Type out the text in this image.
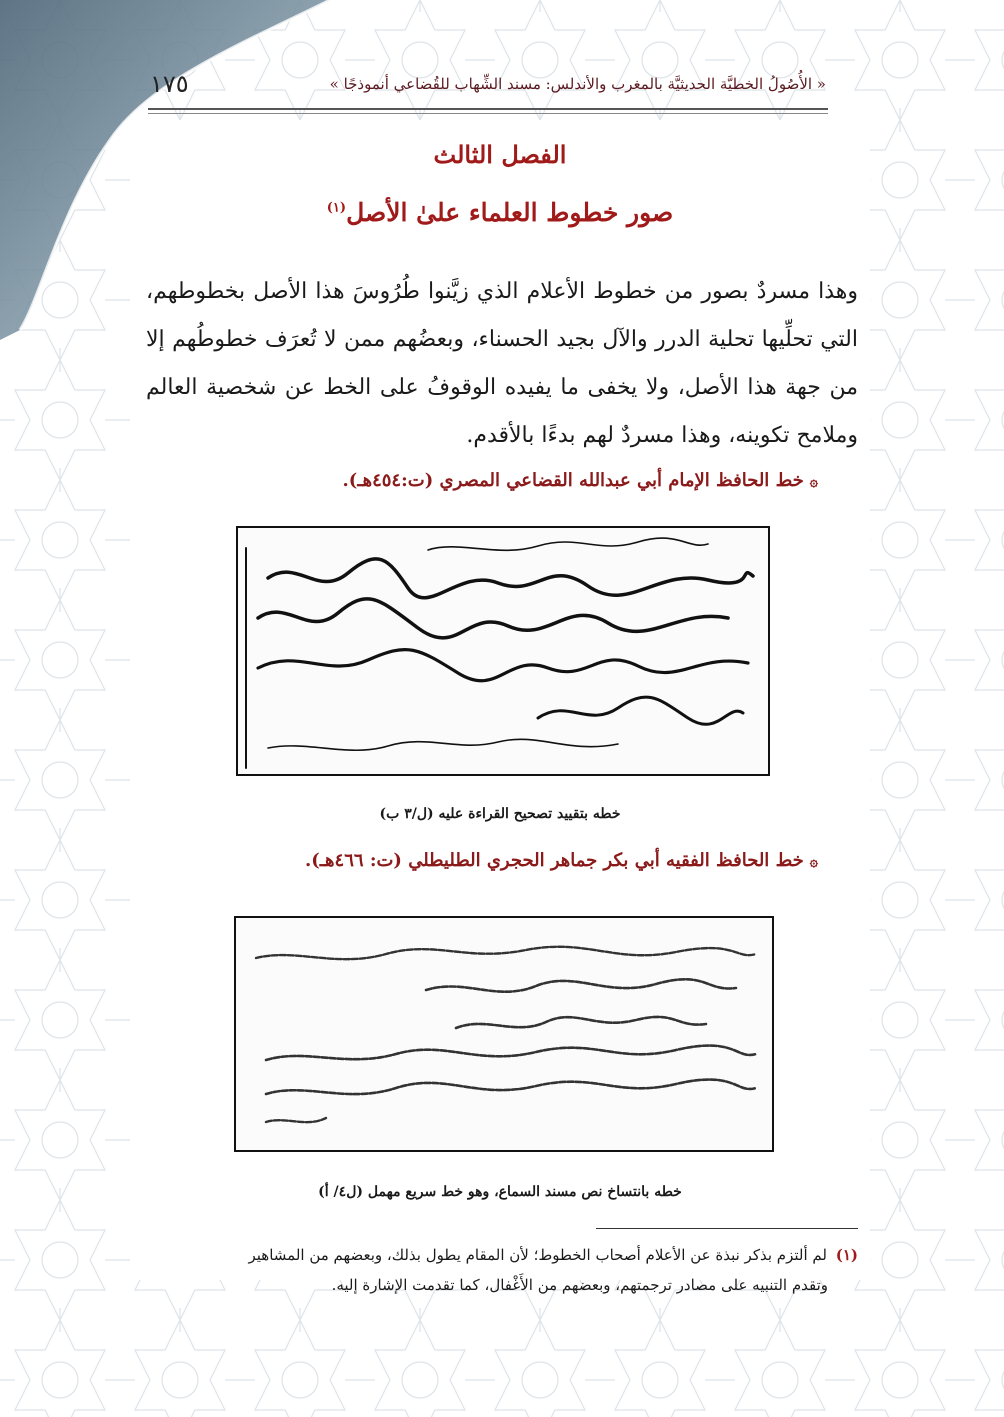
« الأُصُولُ الخطيَّة الحديثيَّة بالمغرب والأندلس: مسند الشِّهاب للقُضاعي أنموذجًا »
١٧٥
الفصل الثالث
صور خطوط العلماء علىٰ الأصل$^{(١)}$
وهذا مسردٌ بصور من خطوط الأعلام الذي زيَّنوا طُرُوسَ هذا الأصل بخطوطهم، التي تحلِّيها تحلية الدرر والآل بجيد الحسناء، وبعضُهم ممن لا تُعرَف خطوطُهم إلا من جهة هذا الأصل، ولا يخفى ما يفيده الوقوفُ على الخط عن شخصية العالم وملامح تكوينه، وهذا مسردٌ لهم بدءًا بالأقدم.
۞خط الحافظ الإمام أبي عبدالله القضاعي المصري (ت:٤٥٤هـ).
خطه بتقييد تصحيح القراءة عليه (ل/٣ ب)
۞خط الحافظ الفقيه أبي بكر جماهر الحجري الطليطلي (ت: ٤٦٦هـ).
خطه بانتساخ نص مسند السماع، وهو خط سريع مهمل (ل٤/ أ)
(١) لم ألتزم بذكر نبذة عن الأعلام أصحاب الخطوط؛ لأن المقام يطول بذلك، وبعضهم من المشاهير
وتقدم التنبيه على مصادر ترجمتهم، وبعضهم من الأَغْفال، كما تقدمت الإشارة إليه.
